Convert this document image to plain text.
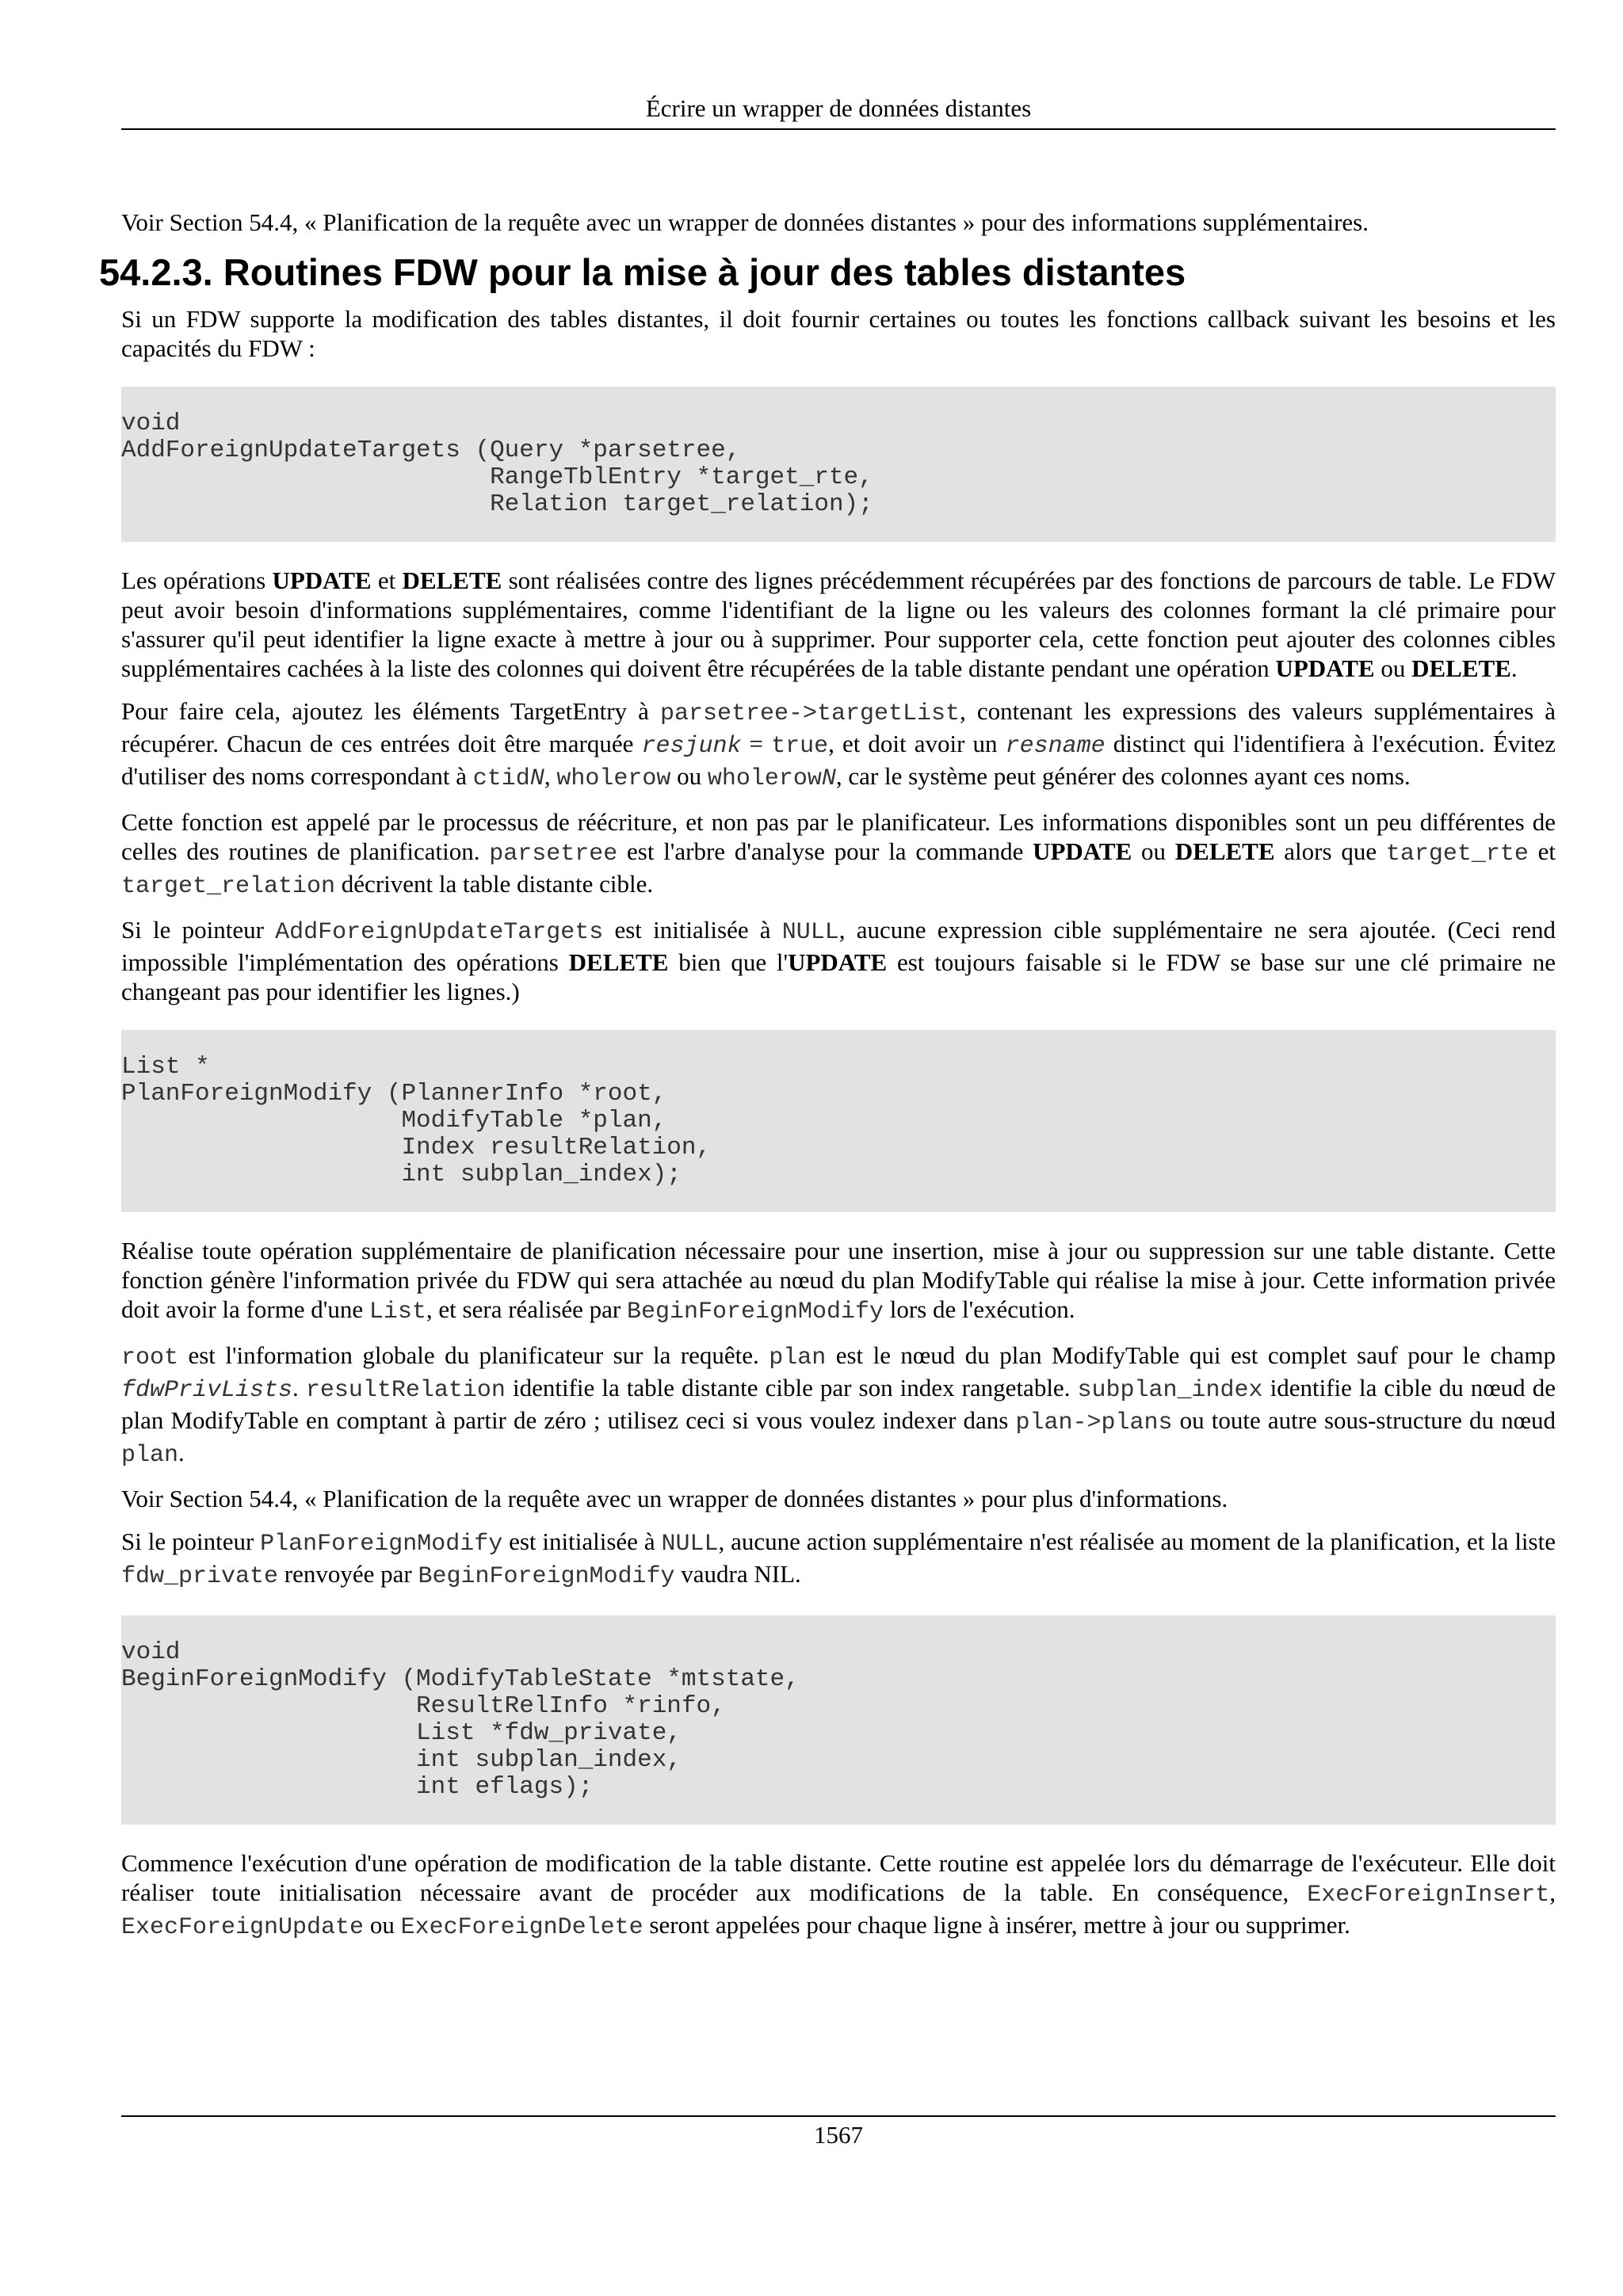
Écrire un wrapper de données distantes

Voir Section 54.4, « Planification de la requête avec un wrapper de données distantes » pour des informations supplémentaires.

54.2.3. Routines FDW pour la mise à jour des tables distantes

Si un FDW supporte la modification des tables distantes, il doit fournir certaines ou toutes les fonctions callback suivant les besoins et les capacités du FDW :

void
AddForeignUpdateTargets (Query *parsetree,
RangeTblEntry *target_rte,
Relation target_relation);

Les opérations UPDATE et DELETE sont réalisées contre des lignes précédemment récupérées par des fonctions de parcours de table. Le FDW peut avoir besoin d'informations supplémentaires, comme l'identifiant de la ligne ou les valeurs des colonnes formant la clé primaire pour s'assurer qu'il peut identifier la ligne exacte à mettre à jour ou à supprimer. Pour supporter cela, cette fonction peut ajouter des colonnes cibles supplémentaires cachées à la liste des colonnes qui doivent être récupérées de la table distante pendant une opération UPDATE ou DELETE.

Pour faire cela, ajoutez les éléments TargetEntry à parsetree->targetList, contenant les expressions des valeurs supplémentaires à récupérer. Chacun de ces entrées doit être marquée resjunk = true, et doit avoir un resname distinct qui l'identifiera à l'exécution. Évitez d'utiliser des noms correspondant à ctidN, wholerow ou wholerowN, car le système peut générer des colonnes ayant ces noms.

Cette fonction est appelé par le processus de réécriture, et non pas par le planificateur. Les informations disponibles sont un peu différentes de celles des routines de planification. parsetree est l'arbre d'analyse pour la commande UPDATE ou DELETE alors que target_rte et target_relation décrivent la table distante cible.

Si le pointeur AddForeignUpdateTargets est initialisée à NULL, aucune expression cible supplémentaire ne sera ajoutée. (Ceci rend impossible l'implémentation des opérations DELETE bien que l'UPDATE est toujours faisable si le FDW se base sur une clé primaire ne changeant pas pour identifier les lignes.)

List *
PlanForeignModify (PlannerInfo *root,
ModifyTable *plan,
Index resultRelation,
int subplan_index);

Réalise toute opération supplémentaire de planification nécessaire pour une insertion, mise à jour ou suppression sur une table distante. Cette fonction génère l'information privée du FDW qui sera attachée au nœud du plan ModifyTable qui réalise la mise à jour. Cette information privée doit avoir la forme d'une List, et sera réalisée par BeginForeignModify lors de l'exécution.

root est l'information globale du planificateur sur la requête. plan est le nœud du plan ModifyTable qui est complet sauf pour le champ fdwPrivLists. resultRelation identifie la table distante cible par son index rangetable. subplan_index identifie la cible du nœud de plan ModifyTable en comptant à partir de zéro ; utilisez ceci si vous voulez indexer dans plan->plans ou toute autre sous-structure du nœud plan.

Voir Section 54.4, « Planification de la requête avec un wrapper de données distantes » pour plus d'informations.

Si le pointeur PlanForeignModify est initialisée à NULL, aucune action supplémentaire n'est réalisée au moment de la planification, et la liste fdw_private renvoyée par BeginForeignModify vaudra NIL.

void
BeginForeignModify (ModifyTableState *mtstate,
ResultRelInfo *rinfo,
List *fdw_private,
int subplan_index,
int eflags);

Commence l'exécution d'une opération de modification de la table distante. Cette routine est appelée lors du démarrage de l'exécuteur. Elle doit réaliser toute initialisation nécessaire avant de procéder aux modifications de la table. En conséquence, ExecForeignInsert, ExecForeignUpdate ou ExecForeignDelete seront appelées pour chaque ligne à insérer, mettre à jour ou supprimer.

1567
